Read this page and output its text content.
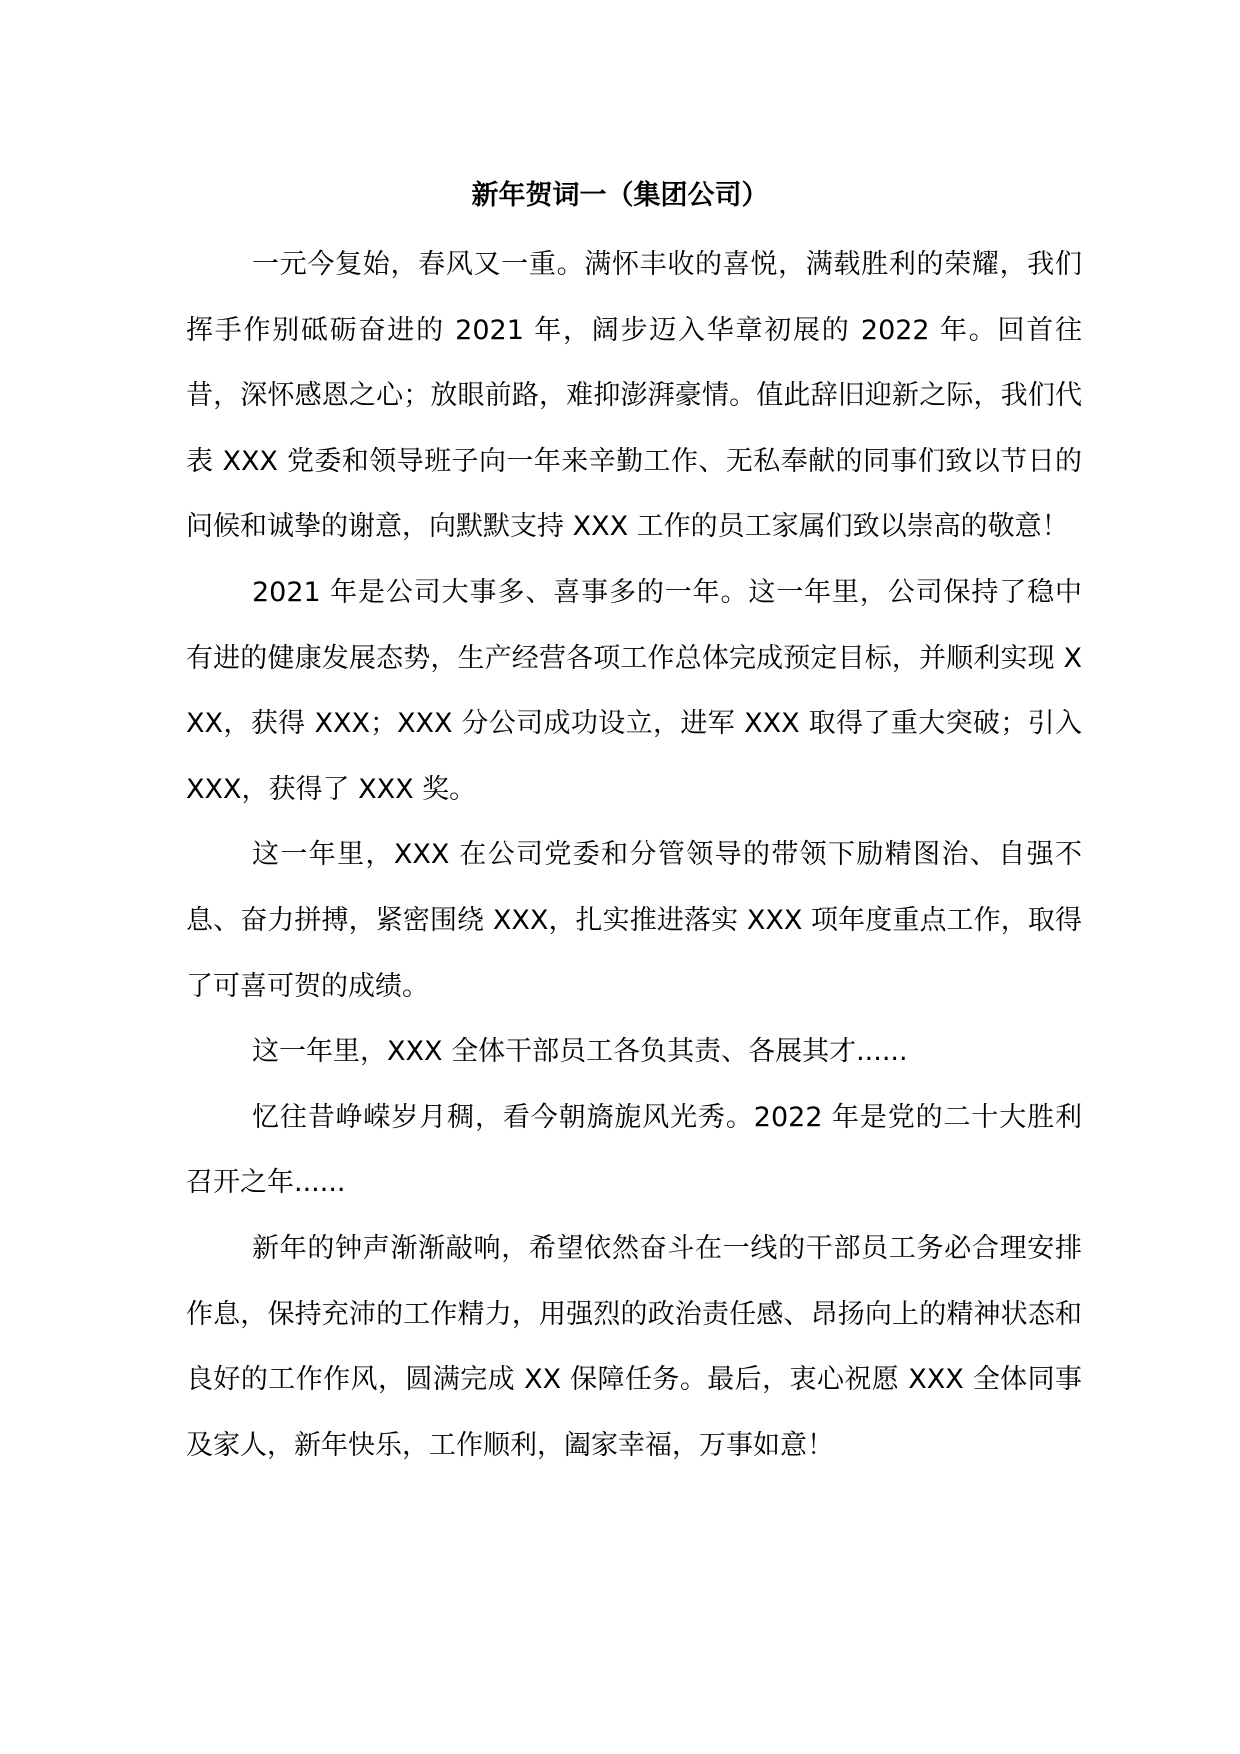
新年贺词一（集团公司）

一元今复始，春风又一重。满怀丰收的喜悦，满载胜利的荣耀，我们挥手作别砥砺奋进的 2021 年，阔步迈入华章初展的 2022 年。回首往昔，深怀感恩之心；放眼前路，难抑澎湃豪情。值此辞旧迎新之际，我们代表 XXX 党委和领导班子向一年来辛勤工作、无私奉献的同事们致以节日的问候和诚挚的谢意，向默默支持 XXX 工作的员工家属们致以崇高的敬意！

2021 年是公司大事多、喜事多的一年。这一年里，公司保持了稳中有进的健康发展态势，生产经营各项工作总体完成预定目标，并顺利实现 XXX，获得 XXX；XXX 分公司成功设立，进军 XXX 取得了重大突破；引入 XXX，获得了 XXX 奖。

这一年里，XXX 在公司党委和分管领导的带领下励精图治、自强不息、奋力拼搏，紧密围绕 XXX，扎实推进落实 XXX 项年度重点工作，取得了可喜可贺的成绩。

这一年里，XXX 全体干部员工各负其责、各展其才......

忆往昔峥嵘岁月稠，看今朝旖旎风光秀。2022 年是党的二十大胜利召开之年......

新年的钟声渐渐敲响，希望依然奋斗在一线的干部员工务必合理安排作息，保持充沛的工作精力，用强烈的政治责任感、昂扬向上的精神状态和良好的工作作风，圆满完成 XX 保障任务。最后，衷心祝愿 XXX 全体同事及家人，新年快乐，工作顺利，阖家幸福，万事如意！
